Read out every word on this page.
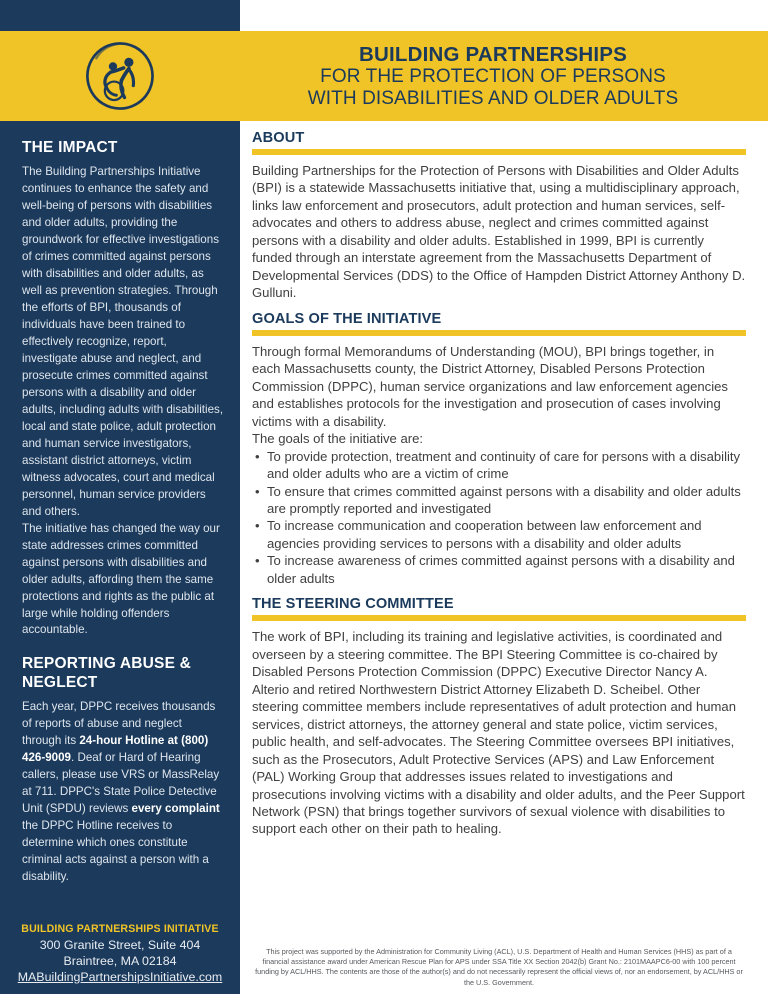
BUILDING PARTNERSHIPS
FOR THE PROTECTION OF PERSONS
WITH DISABILITIES AND OLDER ADULTS
THE IMPACT
The Building Partnerships Initiative continues to enhance the safety and well-being of persons with disabilities and older adults, providing the groundwork for effective investigations of crimes committed against persons with disabilities and older adults, as well as prevention strategies. Through the efforts of BPI, thousands of individuals have been trained to effectively recognize, report, investigate abuse and neglect, and prosecute crimes committed against persons with a disability and older adults, including adults with disabilities, local and state police, adult protection and human service investigators, assistant district attorneys, victim witness advocates, court and medical personnel, human service providers and others.
The initiative has changed the way our state addresses crimes committed against persons with disabilities and older adults, affording them the same protections and rights as the public at large while holding offenders accountable.
REPORTING ABUSE & NEGLECT
Each year, DPPC receives thousands of reports of abuse and neglect through its 24-hour Hotline at (800) 426-9009. Deaf or Hard of Hearing callers, please use VRS or MassRelay at 711. DPPC's State Police Detective Unit (SPDU) reviews every complaint the DPPC Hotline receives to determine which ones constitute criminal acts against a person with a disability.
BUILDING PARTNERSHIPS INITIATIVE
300 Granite Street, Suite 404
Braintree, MA 02184
MABuildingPartnershipsInitiative.com
ABOUT
Building Partnerships for the Protection of Persons with Disabilities and Older Adults (BPI) is a statewide Massachusetts initiative that, using a multidisciplinary approach, links law enforcement and prosecutors, adult protection and human services, self-advocates and others to address abuse, neglect and crimes committed against persons with a disability and older adults. Established in 1999, BPI is currently funded through an interstate agreement from the Massachusetts Department of Developmental Services (DDS) to the Office of Hampden District Attorney Anthony D. Gulluni.
GOALS OF THE INITIATIVE
Through formal Memorandums of Understanding (MOU), BPI brings together, in each Massachusetts county, the District Attorney, Disabled Persons Protection Commission (DPPC), human service organizations and law enforcement agencies and establishes protocols for the investigation and prosecution of cases involving victims with a disability.
The goals of the initiative are:
• To provide protection, treatment and continuity of care for persons with a disability and older adults who are a victim of crime
• To ensure that crimes committed against persons with a disability and older adults are promptly reported and investigated
• To increase communication and cooperation between law enforcement and agencies providing services to persons with a disability and older adults
• To increase awareness of crimes committed against persons with a disability and older adults
THE STEERING COMMITTEE
The work of BPI, including its training and legislative activities, is coordinated and overseen by a steering committee. The BPI Steering Committee is co-chaired by Disabled Persons Protection Commission (DPPC) Executive Director Nancy A. Alterio and retired Northwestern District Attorney Elizabeth D. Scheibel. Other steering committee members include representatives of adult protection and human services, district attorneys, the attorney general and state police, victim services, public health, and self-advocates. The Steering Committee oversees BPI initiatives, such as the Prosecutors, Adult Protective Services (APS) and Law Enforcement (PAL) Working Group that addresses issues related to investigations and prosecutions involving victims with a disability and older adults, and the Peer Support Network (PSN) that brings together survivors of sexual violence with disabilities to support each other on their path to healing.
This project was supported by the Administration for Community Living (ACL), U.S. Department of Health and Human Services (HHS) as part of a financial assistance award under American Rescue Plan for APS under SSA Title XX Section 2042(b) Grant No.: 2101MAAPC6-00 with 100 percent funding by ACL/HHS. The contents are those of the author(s) and do not necessarily represent the official views of, nor an endorsement, by ACL/HHS or the U.S. Government.
